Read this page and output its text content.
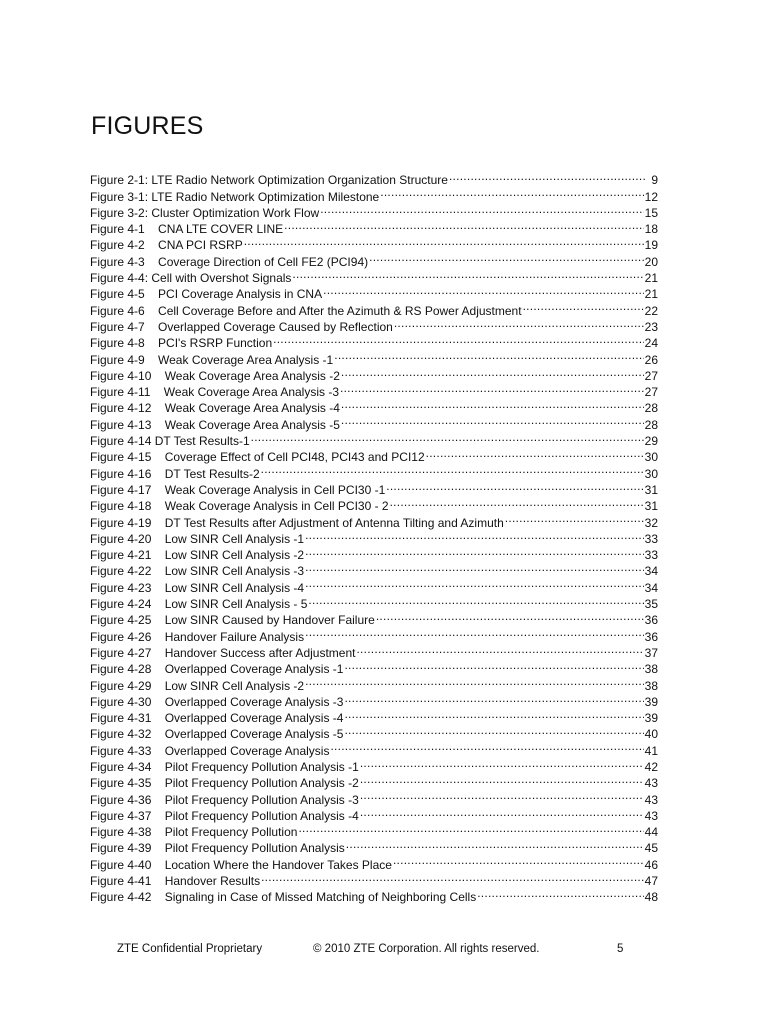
FIGURES
Figure 2-1: LTE Radio Network Optimization Organization Structure .....	9
Figure 3-1: LTE Radio Network Optimization Milestone .....	12
Figure 3-2: Cluster Optimization Work Flow .....	15
Figure 4-1    CNA LTE COVER LINE .....	18
Figure 4-2    CNA PCI RSRP .....	19
Figure 4-3    Coverage Direction of Cell FE2 (PCI94) .....	20
Figure 4-4: Cell with Overshot Signals .....	21
Figure 4-5    PCI Coverage Analysis in CNA .....	21
Figure 4-6    Cell Coverage Before and After the Azimuth & RS Power Adjustment .....	22
Figure 4-7    Overlapped Coverage Caused by Reflection .....	23
Figure 4-8    PCI's RSRP Function .....	24
Figure 4-9    Weak Coverage Area Analysis -1 .....	26
Figure 4-10    Weak Coverage Area Analysis -2 .....	27
Figure 4-11    Weak Coverage Area Analysis -3 .....	27
Figure 4-12    Weak Coverage Area Analysis -4 .....	28
Figure 4-13    Weak Coverage Area Analysis -5 .....	28
Figure 4-14 DT Test Results-1 .....	29
Figure 4-15    Coverage Effect of Cell PCI48, PCI43 and PCI12 .....	30
Figure 4-16    DT Test Results-2 .....	30
Figure 4-17    Weak Coverage Analysis in Cell PCI30 -1 .....	31
Figure 4-18    Weak Coverage Analysis in Cell PCI30 - 2 .....	31
Figure 4-19    DT Test Results after Adjustment of Antenna Tilting and Azimuth .....	32
Figure 4-20    Low SINR Cell Analysis -1 .....	33
Figure 4-21    Low SINR Cell Analysis -2 .....	33
Figure 4-22    Low SINR Cell Analysis -3 .....	34
Figure 4-23    Low SINR Cell Analysis -4 .....	34
Figure 4-24    Low SINR Cell Analysis - 5 .....	35
Figure 4-25    Low SINR Caused by Handover Failure .....	36
Figure 4-26    Handover Failure Analysis .....	36
Figure 4-27    Handover Success after Adjustment .....	37
Figure 4-28    Overlapped Coverage Analysis -1 .....	38
Figure 4-29    Low SINR Cell Analysis -2 .....	38
Figure 4-30    Overlapped Coverage Analysis -3 .....	39
Figure 4-31    Overlapped Coverage Analysis -4 .....	39
Figure 4-32    Overlapped Coverage Analysis -5 .....	40
Figure 4-33    Overlapped Coverage Analysis .....	41
Figure 4-34    Pilot Frequency Pollution Analysis -1 .....	42
Figure 4-35    Pilot Frequency Pollution Analysis -2 .....	43
Figure 4-36    Pilot Frequency Pollution Analysis -3 .....	43
Figure 4-37    Pilot Frequency Pollution Analysis -4 .....	43
Figure 4-38    Pilot Frequency Pollution .....	44
Figure 4-39    Pilot Frequency Pollution Analysis .....	45
Figure 4-40    Location Where the Handover Takes Place .....	46
Figure 4-41    Handover Results .....	47
Figure 4-42    Signaling in Case of Missed Matching of Neighboring Cells .....	48
ZTE Confidential Proprietary	© 2010 ZTE Corporation. All rights reserved.	5
